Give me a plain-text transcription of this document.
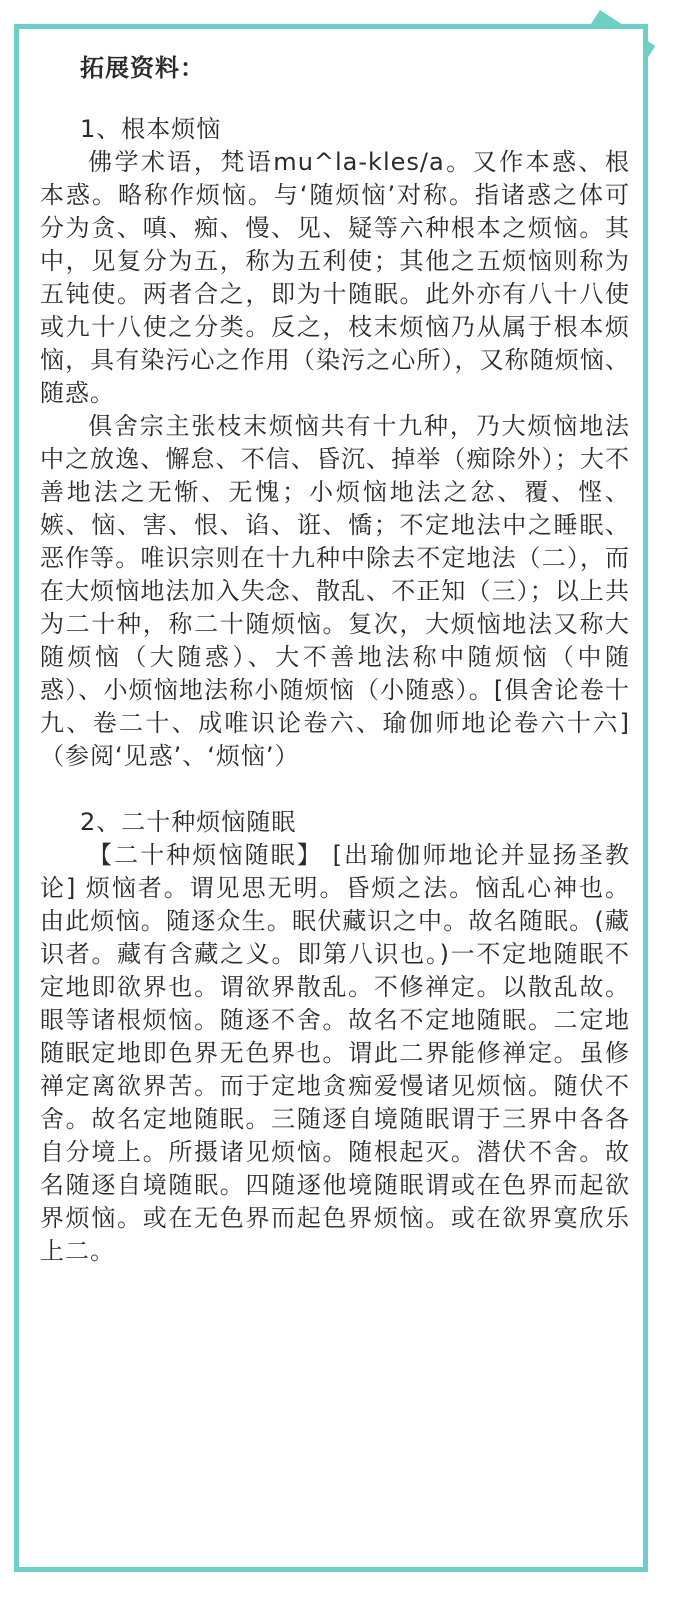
拓展资料：
1、根本烦恼

佛学术语，梵语mu^la-kles/a。又作本惑、根本惑。略称作烦恼。与‘随烦恼’对称。指诸惑之体可分为贪、嗔、痴、慢、见、疑等六种根本之烦恼。其中，见复分为五，称为五利使；其他之五烦恼则称为五钝使。两者合之，即为十随眠。此外亦有八十八使或九十八使之分类。反之，枝末烦恼乃从属于根本烦恼，具有染污心之作用（染污之心所），又称随烦恼、随惑。

俱舍宗主张枝末烦恼共有十九种，乃大烦恼地法中之放逸、懈怠、不信、昏沉、掉举（痴除外）；大不善地法之无惭、无愧；小烦恼地法之忿、覆、悭、嫉、恼、害、恨、谄、诳、憍；不定地法中之睡眠、恶作等。唯识宗则在十九种中除去不定地法（二），而在大烦恼地法加入失念、散乱、不正知（三）；以上共为二十种，称二十随烦恼。复次，大烦恼地法又称大随烦恼（大随惑）、大不善地法称中随烦恼（中随惑）、小烦恼地法称小随烦恼（小随惑）。[俱舍论卷十九、卷二十、成唯识论卷六、瑜伽师地论卷六十六]（参阅‘见惑’、‘烦恼’）

2、二十种烦恼随眠

【二十种烦恼随眠】 [出瑜伽师地论并显扬圣教论] 烦恼者。谓见思无明。昏烦之法。恼乱心神也。由此烦恼。随逐众生。眠伏藏识之中。故名随眠。(藏识者。藏有含藏之义。即第八识也。)一不定地随眠不定地即欲界也。谓欲界散乱。不修禅定。以散乱故。眼等诸根烦恼。随逐不舍。故名不定地随眠。二定地随眠定地即色界无色界也。谓此二界能修禅定。虽修禅定离欲界苦。而于定地贪痴爱慢诸见烦恼。随伏不舍。故名定地随眠。三随逐自境随眠谓于三界中各各自分境上。所摄诸见烦恼。随根起灭。潜伏不舍。故名随逐自境随眠。四随逐他境随眠谓或在色界而起欲界烦恼。或在无色界而起色界烦恼。或在欲界寞欣乐上二。
